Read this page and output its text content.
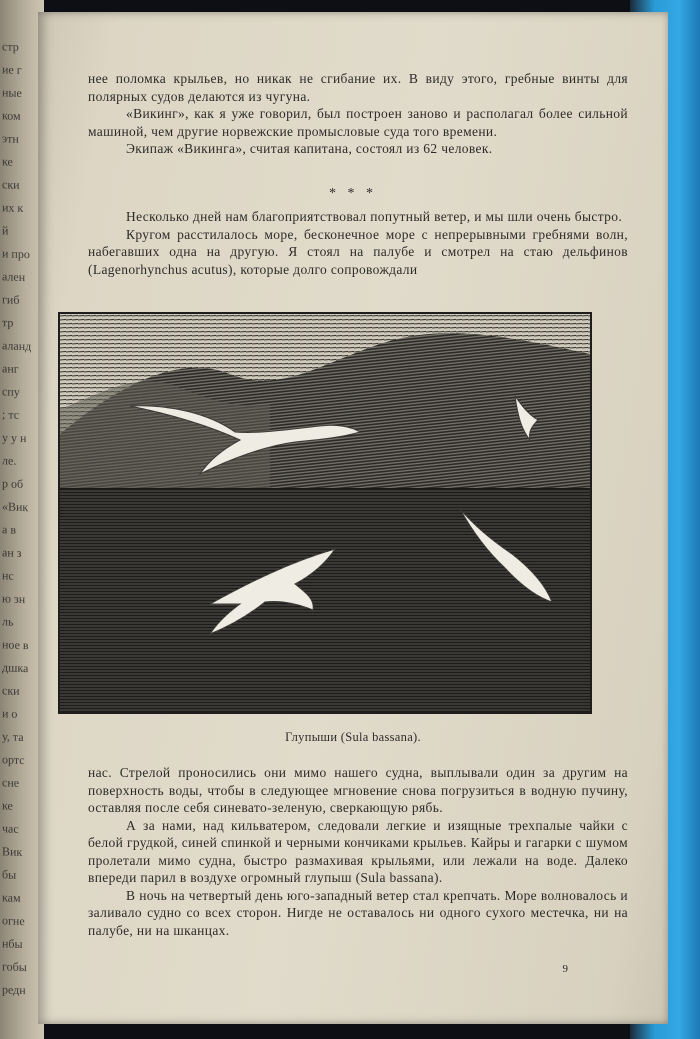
стр
ие г
ные
ком
этн
ке
ски
их к
й
и про
ален
гиб
тр
аланд
анг
спу
; тс
у у н
ле.
р об
«Вик
а в
ан з
нс
ю зн
ль
ное в
дшка
ски
и о
у, та
ортс
сне
ке
час
Вик
бы
кам
огне
нбы
гобы
редн

нее поломка крыльев, но никак не сгибание их. В виду этого, гребные винты для полярных судов делаются из чугуна.

«Викинг», как я уже говорил, был построен заново и располагал более сильной машиной, чем другие норвежские промысловые суда того времени.

Экипаж «Викинга», считая капитана, состоял из 62 человек.

* * *

Несколько дней нам благоприятствовал попутный ветер, и мы шли очень быстро.

Кругом расстилалось море, бесконечное море с непрерывными гребнями волн, набегавших одна на другую. Я стоял на палубе и смотрел на стаю дельфинов (Lagenorhynchus acutus), которые долго сопровождали

Глупыши (Sula bassana).

нас. Стрелой проносились они мимо нашего судна, выплывали один за другим на поверхность воды, чтобы в следующее мгновение снова погрузиться в водную пучину, оставляя после себя синевато-зеленую, сверкающую рябь.

А за нами, над кильватером, следовали легкие и изящные трехпалые чайки с белой грудкой, синей спинкой и черными кончиками крыльев. Кайры и гагарки с шумом пролетали мимо судна, быстро размахивая крыльями, или лежали на воде. Далеко впереди парил в воздухе огромный глупыш (Sula bassana).

В ночь на четвертый день юго-западный ветер стал крепчать. Море волновалось и заливало судно со всех сторон. Нигде не оставалось ни одного сухого местечка, ни на палубе, ни на шканцах.

9
